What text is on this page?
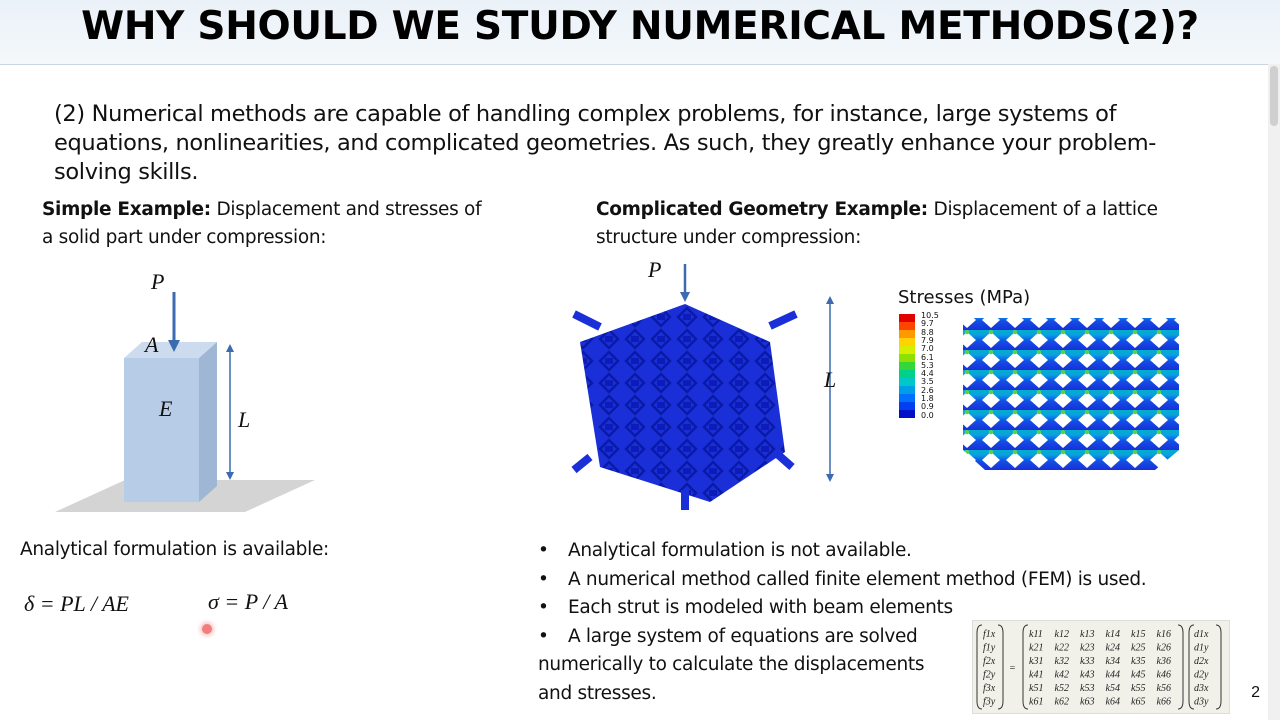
WHY SHOULD WE STUDY NUMERICAL METHODS(2)?
(2) Numerical methods are capable of handling complex problems, for instance, large systems of equations, nonlinearities, and complicated geometries. As such, they greatly enhance your problem-solving skills.
Simple Example: Displacement and stresses of a solid part under compression:
Complicated Geometry Example: Displacement of a lattice structure under compression:
P
A
E	L
Analytical formulation is available:
δ = PL / AE	σ = P / A
P
L
Stresses (MPa)
10.5
9.7
8.8
7.9
7.0
6.1
5.3
4.4
3.5
2.6
1.8
0.9
0.0
•	Analytical formulation is not available.
•	A numerical method called finite element method (FEM) is used.
•	Each strut is modeled with beam elements
•	A large system of equations are solved
numerically to calculate the displacements
and stresses.
f1x
f1y
f2x
f2y
f3x
f3y
=
k11 k12 k13 k14 k15 k16
k21 k22 k23 k24 k25 k26
k31 k32 k33 k34 k35 k36
k41 k42 k43 k44 k45 k46
k51 k52 k53 k54 k55 k56
k61 k62 k63 k64 k65 k66
d1x
d1y
d2x
d2y
d3x
d3y
2
